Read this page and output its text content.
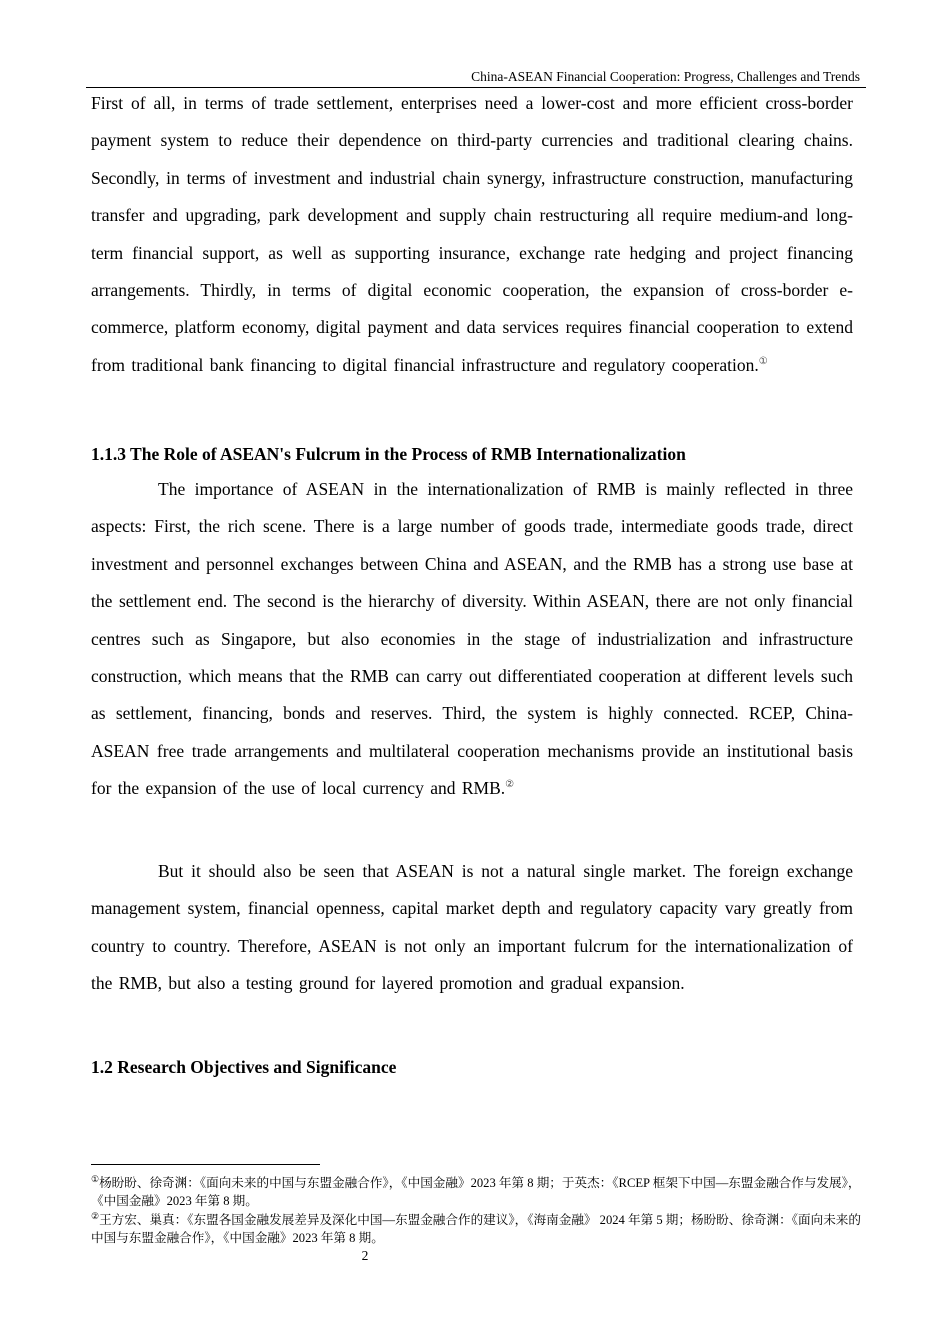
China-ASEAN Financial Cooperation: Progress, Challenges and Trends

First of all, in terms of trade settlement, enterprises need a lower-cost and more efficient cross-border payment system to reduce their dependence on third-party currencies and traditional clearing chains. Secondly, in terms of investment and industrial chain synergy, infrastructure construction, manufacturing transfer and upgrading, park development and supply chain restructuring all require medium-and long-term financial support, as well as supporting insurance, exchange rate hedging and project financing arrangements. Thirdly, in terms of digital economic cooperation, the expansion of cross-border e-commerce, platform economy, digital payment and data services requires financial cooperation to extend from traditional bank financing to digital financial infrastructure and regulatory cooperation.①

1.1.3 The Role of ASEAN's Fulcrum in the Process of RMB Internationalization

The importance of ASEAN in the internationalization of RMB is mainly reflected in three aspects: First, the rich scene. There is a large number of goods trade, intermediate goods trade, direct investment and personnel exchanges between China and ASEAN, and the RMB has a strong use base at the settlement end. The second is the hierarchy of diversity. Within ASEAN, there are not only financial centres such as Singapore, but also economies in the stage of industrialization and infrastructure construction, which means that the RMB can carry out differentiated cooperation at different levels such as settlement, financing, bonds and reserves. Third, the system is highly connected. RCEP, China-ASEAN free trade arrangements and multilateral cooperation mechanisms provide an institutional basis for the expansion of the use of local currency and RMB.②

But it should also be seen that ASEAN is not a natural single market. The foreign exchange management system, financial openness, capital market depth and regulatory capacity vary greatly from country to country. Therefore, ASEAN is not only an important fulcrum for the internationalization of the RMB, but also a testing ground for layered promotion and gradual expansion.

1.2 Research Objectives and Significance

①杨盼盼、徐奇渊：《面向未来的中国与东盟金融合作》，《中国金融》2023 年第 8 期；于英杰：《RCEP 框架下中国—东盟金融合作与发展》，《中国金融》2023 年第 8 期。

②王方宏、巢真：《东盟各国金融发展差异及深化中国—东盟金融合作的建议》，《海南金融》 2024 年第 5 期；杨盼盼、徐奇渊：《面向未来的中国与东盟金融合作》，《中国金融》2023 年第 8 期。

2
